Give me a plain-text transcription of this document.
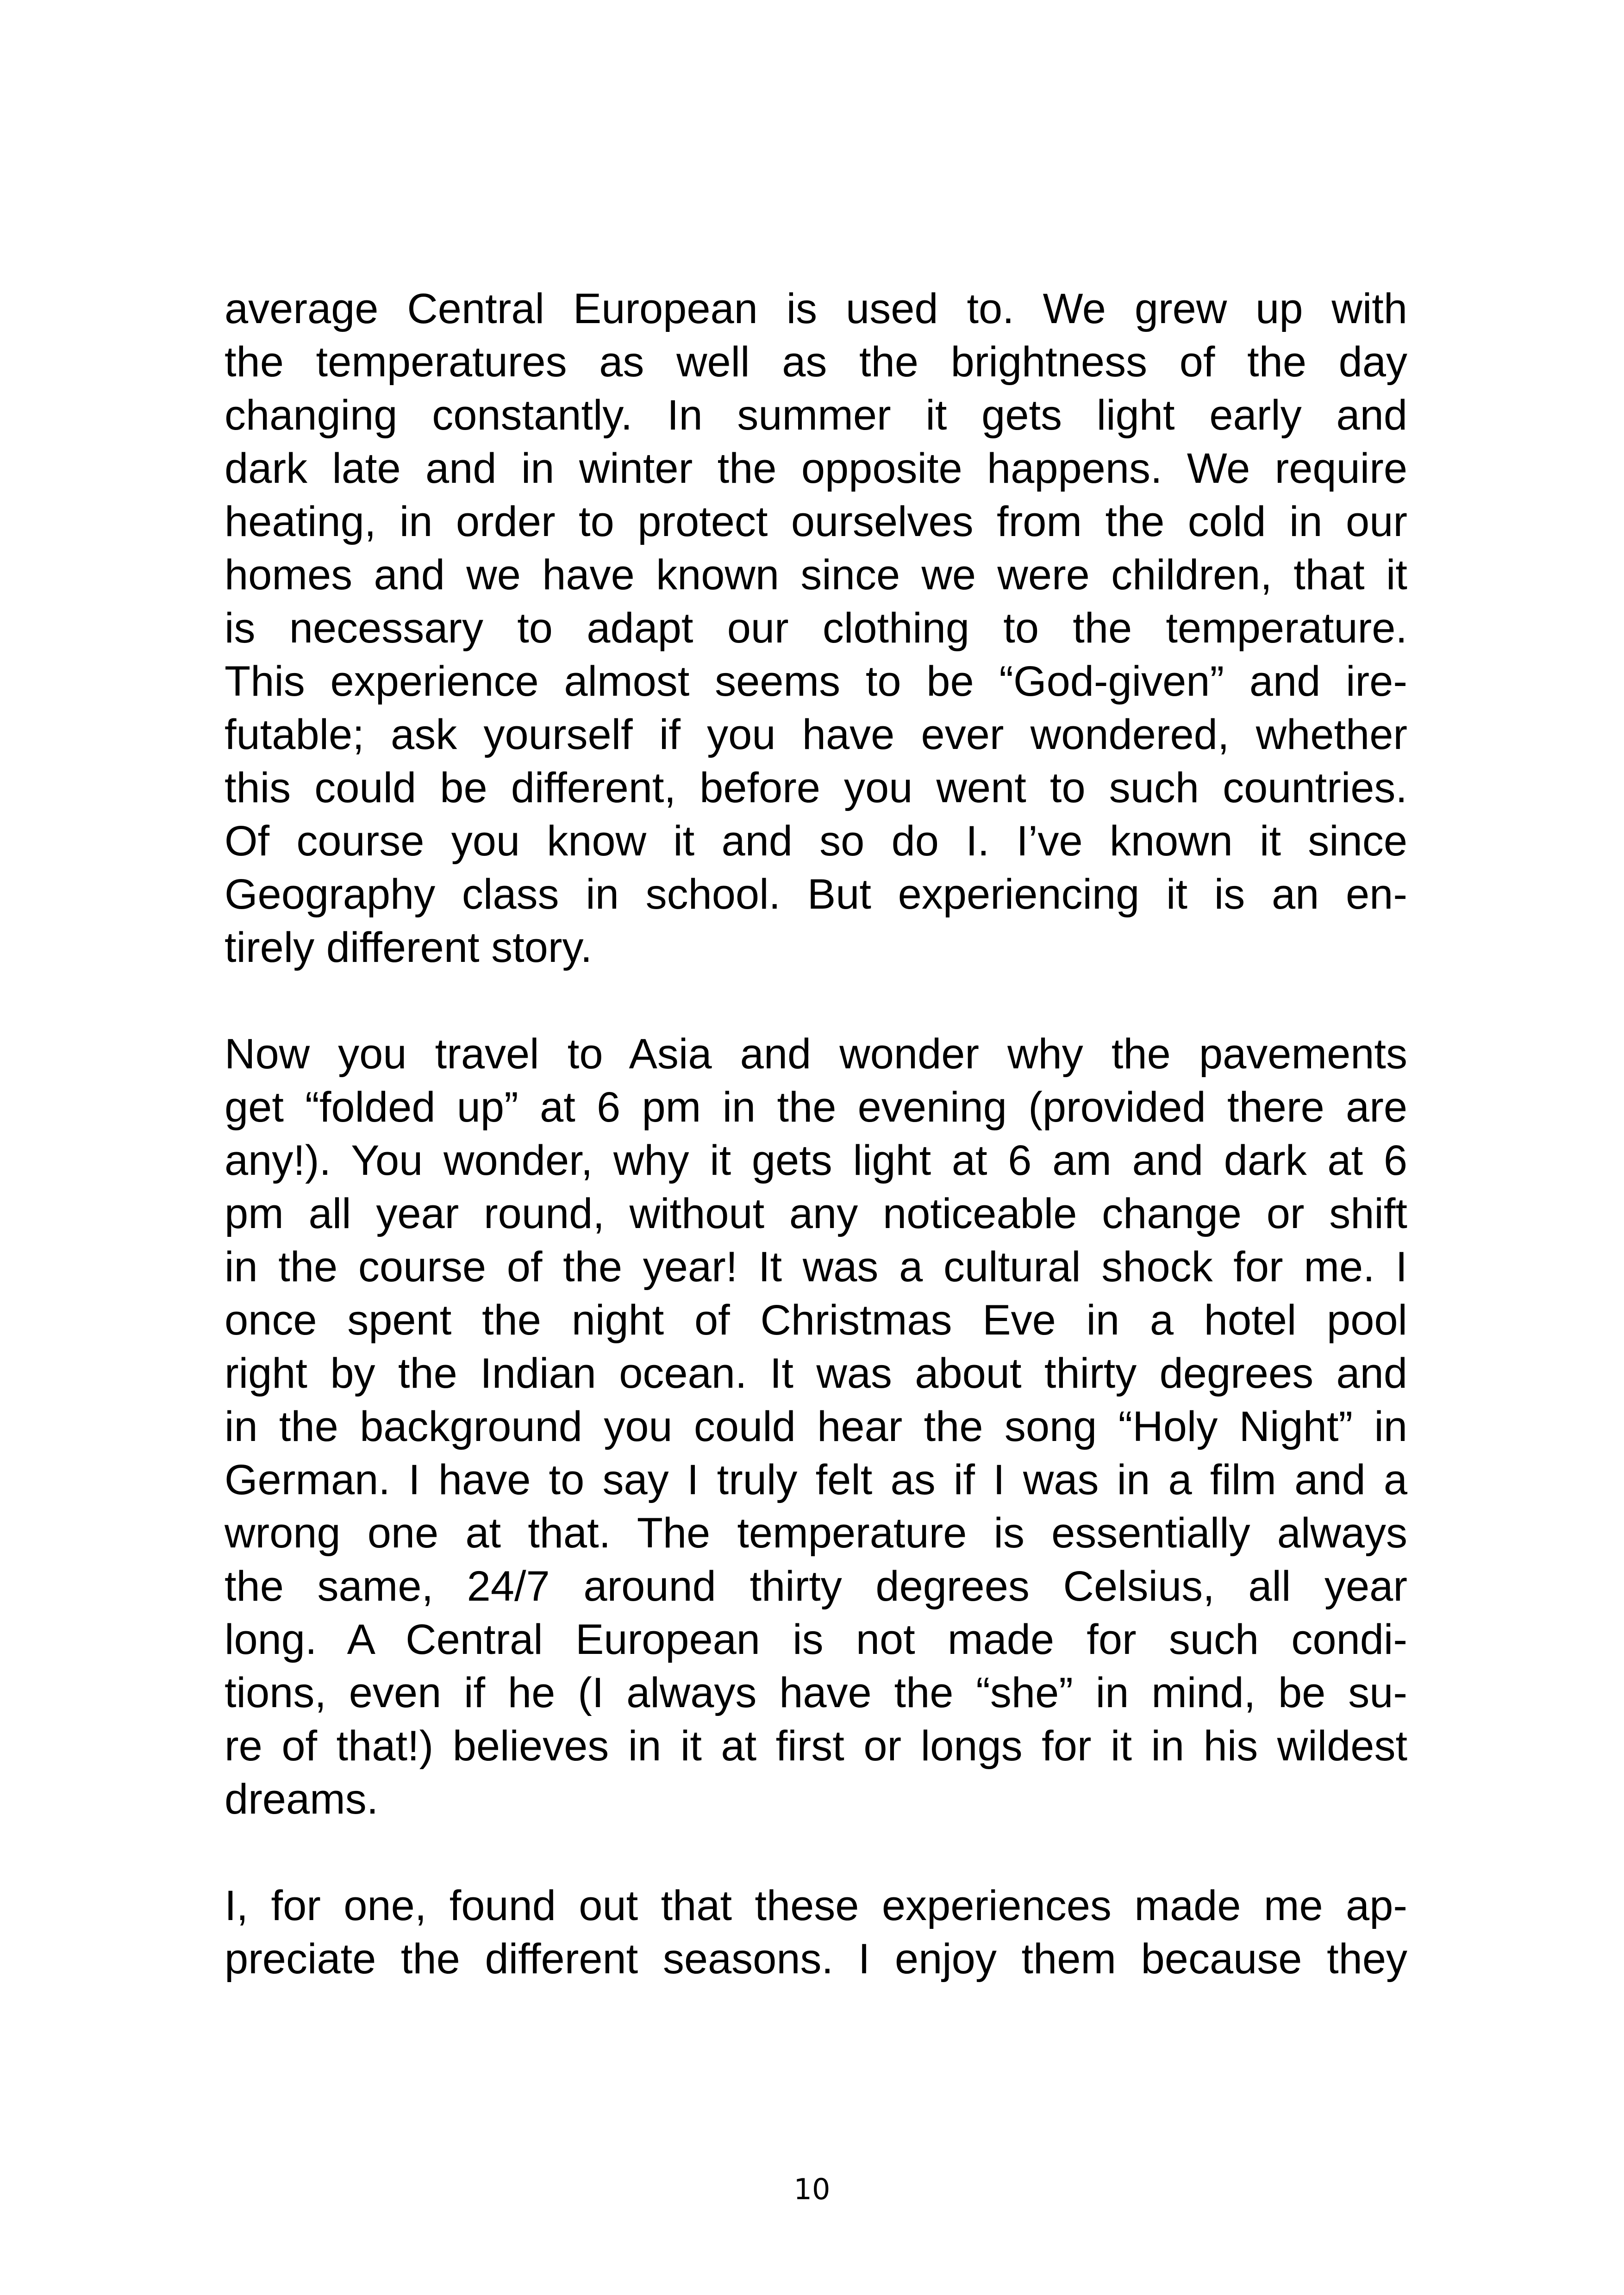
average Central European is used to. We grew up with
the temperatures as well as the brightness of the day
changing constantly. In summer it gets light early and
dark late and in winter the opposite happens. We require
heating, in order to protect ourselves from the cold in our
homes and we have known since we were children, that it
is necessary to adapt our clothing to the temperature.
This experience almost seems to be “God-given” and ire-
futable; ask yourself if you have ever wondered, whether
this could be different, before you went to such countries.
Of course you know it and so do I. I’ve known it since
Geography class in school. But experiencing it is an en-
tirely different story.
Now you travel to Asia and wonder why the pavements
get “folded up” at 6 pm in the evening (provided there are
any!). You wonder, why it gets light at 6 am and dark at 6
pm all year round, without any noticeable change or shift
in the course of the year! It was a cultural shock for me. I
once spent the night of Christmas Eve in a hotel pool
right by the Indian ocean. It was about thirty degrees and
in the background you could hear the song “Holy Night” in
German. I have to say I truly felt as if I was in a film and a
wrong one at that. The temperature is essentially always
the same, 24/7 around thirty degrees Celsius, all year
long. A Central European is not made for such condi-
tions, even if he (I always have the “she” in mind, be su-
re of that!) believes in it at first or longs for it in his wildest
dreams.
I, for one, found out that these experiences made me ap-
preciate the different seasons. I enjoy them because they
10
